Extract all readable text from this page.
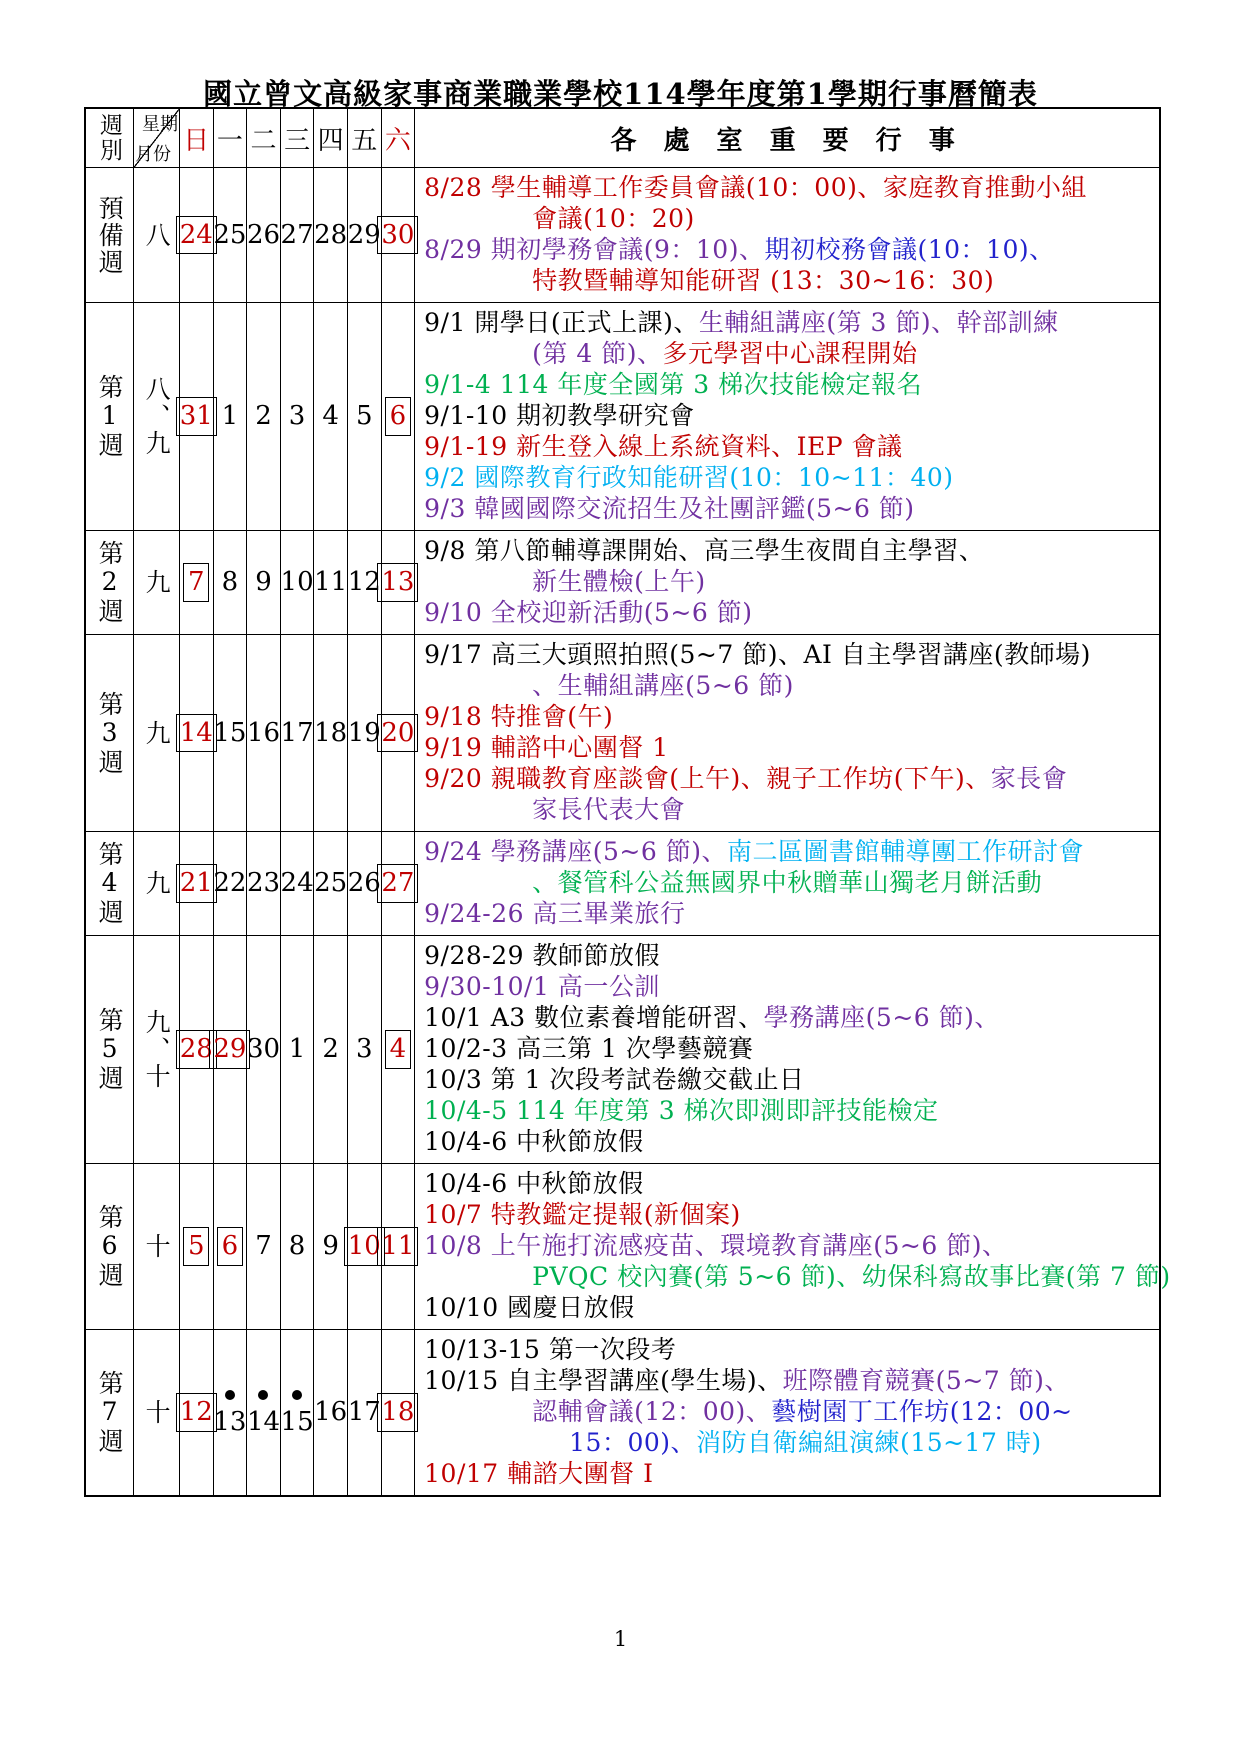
國立曾文高級家事商業職業學校114學年度第1學期行事曆簡表
週別 星期
月份 日 一 二 三 四 五 六	各 處 室 重 要 行 事
預備週 八 24 25 26 27 28 29 30
8/28 學生輔導工作委員會議(10：00)、家庭教育推動小組
會議(10：20)
8/29 期初學務會議(9：10)、期初校務會議(10：10)、
特教暨輔導知能研習 (13：30~16：30)
第1週 八、九 31 1 2 3 4 5 6
9/1 開學日(正式上課)、生輔組講座(第 3 節)、幹部訓練
(第 4 節)、多元學習中心課程開始
9/1-4 114 年度全國第 3 梯次技能檢定報名
9/1-10 期初教學研究會
9/1-19 新生登入線上系統資料、IEP 會議
9/2 國際教育行政知能研習(10：10~11：40)
9/3 韓國國際交流招生及社團評鑑(5~6 節)
第2週 九 7 8 9 10 11 12 13
9/8 第八節輔導課開始、高三學生夜間自主學習、
新生體檢(上午)
9/10 全校迎新活動(5~6 節)
第3週 九 14 15 16 17 18 19 20
9/17 高三大頭照拍照(5~7 節)、AI 自主學習講座(教師場)
、生輔組講座(5~6 節)
9/18 特推會(午)
9/19 輔諮中心團督 1
9/20 親職教育座談會(上午)、親子工作坊(下午)、家長會
家長代表大會
第4週 九 21 22 23 24 25 26 27
9/24 學務講座(5~6 節)、南二區圖書館輔導團工作研討會
、餐管科公益無國界中秋贈華山獨老月餅活動
9/24-26 高三畢業旅行
第5週 九、十 28 29 30 1 2 3 4
9/28-29 教師節放假
9/30-10/1 高一公訓
10/1 A3 數位素養增能研習、學務講座(5~6 節)、
10/2-3 高三第 1 次學藝競賽
10/3 第 1 次段考試卷繳交截止日
10/4-5 114 年度第 3 梯次即測即評技能檢定
10/4-6 中秋節放假
第6週 十 5 6 7 8 9 10 11
10/4-6 中秋節放假
10/7 特教鑑定提報(新個案)
10/8 上午施打流感疫苗、環境教育講座(5~6 節)、
PVQC 校內賽(第 5~6 節)、幼保科寫故事比賽(第 7 節)
10/10 國慶日放假
第7週 十 12 13 14 15 16 17 18
10/13-15 第一次段考
10/15 自主學習講座(學生場)、班際體育競賽(5~7 節)、
認輔會議(12：00)、藝樹園丁工作坊(12：00~
15：00)、消防自衛編組演練(15~17 時)
10/17 輔諮大團督 I
1
